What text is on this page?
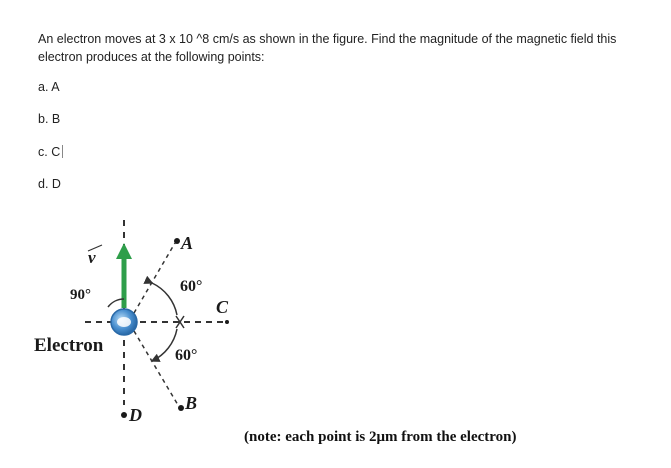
An electron moves at 3 x 10 ^8 cm/s as shown in the figure. Find the magnitude of the magnetic field this electron produces at the following points:
a. A
b. B
c. C
d. D
v
A
90°	60°
C
Electron	60°
B
D
(note: each point is 2μm from the electron)
